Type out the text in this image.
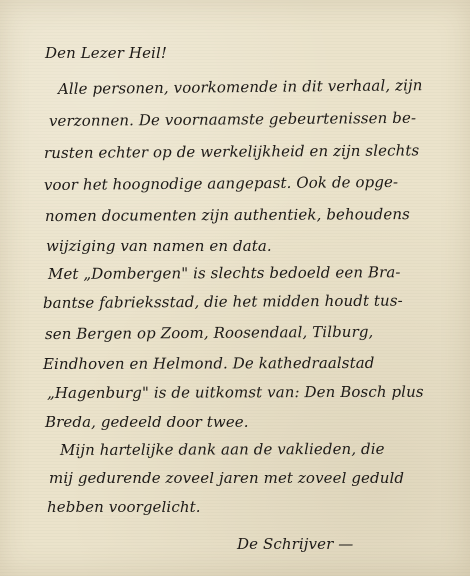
Den Lezer Heil!
Alle personen, voorkomende in dit verhaal, zijn
verzonnen. De voornaamste gebeurtenissen be-
rusten echter op de werkelijkheid en zijn slechts
voor het hoognodige aangepast. Ook de opge-
nomen documenten zijn authentiek, behoudens
wijziging van namen en data.
Met „Dombergen" is slechts bedoeld een Bra-
bantse fabrieksstad, die het midden houdt tus-
sen Bergen op Zoom, Roosendaal, Tilburg,
Eindhoven en Helmond. De kathedraalstad
„Hagenburg" is de uitkomst van: Den Bosch plus
Breda, gedeeld door twee.
Mijn hartelijke dank aan de vaklieden, die
mij gedurende zoveel jaren met zoveel geduld
hebben voorgelicht.
De Schrijver —
